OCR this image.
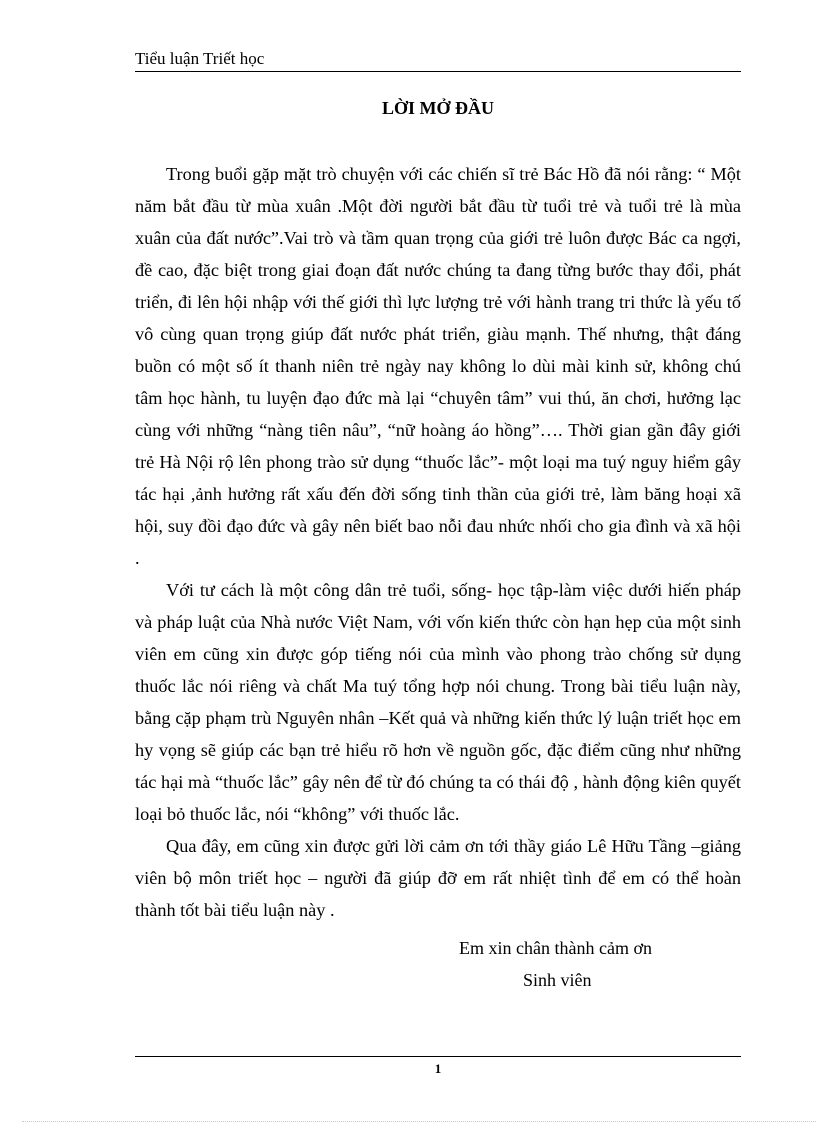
Tiểu luận Triết học
LỜI MỞ ĐẦU

Trong buổi gặp mặt trò chuyện với các chiến sĩ trẻ Bác Hồ đã nói rằng: “ Một năm bắt đầu từ mùa xuân .Một đời người bắt đầu từ tuổi trẻ và tuổi trẻ là mùa xuân của đất nước”.Vai trò và tầm quan trọng của giới trẻ luôn được Bác ca ngợi, đề cao, đặc biệt trong giai đoạn đất nước chúng ta đang từng bước thay đổi, phát triển, đi lên hội nhập với thế giới thì lực lượng trẻ với hành trang tri thức là yếu tố vô cùng quan trọng giúp đất nước phát triển, giàu mạnh. Thế nhưng, thật đáng buồn có một số ít thanh niên trẻ ngày nay không lo dùi mài kinh sử, không chú tâm học hành, tu luyện đạo đức mà lại “chuyên tâm” vui thú, ăn chơi, hưởng lạc cùng với những “nàng tiên nâu”, “nữ hoàng áo hồng”…. Thời gian gần đây giới trẻ Hà Nội rộ lên phong trào sử dụng “thuốc lắc”- một loại ma tuý nguy hiểm gây tác hại ,ảnh hưởng rất xấu đến đời sống tinh thần của giới trẻ, làm băng hoại xã hội, suy đồi đạo đức và gây nên biết bao nỗi đau nhức nhối cho gia đình và xã hội .

Với tư cách là một công dân trẻ tuổi, sống- học tập-làm việc dưới hiến pháp và pháp luật của Nhà nước Việt Nam, với vốn kiến thức còn hạn hẹp của một sinh viên em cũng xin được góp tiếng nói của mình vào phong trào chống sử dụng thuốc lắc nói riêng và chất Ma tuý tổng hợp nói chung. Trong bài tiểu luận này, bằng cặp phạm trù Nguyên nhân –Kết quả và những kiến thức lý luận triết học em hy vọng sẽ giúp các bạn trẻ hiểu rõ hơn về nguồn gốc, đặc điểm cũng như những tác hại mà “thuốc lắc” gây nên để từ đó chúng ta có thái độ , hành động kiên quyết loại bỏ thuốc lắc, nói “không” với thuốc lắc.

Qua đây, em cũng xin được gửi lời cảm ơn tới thầy giáo Lê Hữu Tầng –giảng viên bộ môn triết học – người đã giúp đỡ em rất nhiệt tình để em có thể hoàn thành tốt bài tiểu luận này .

Em xin chân thành cảm ơn
Sinh viên
1
